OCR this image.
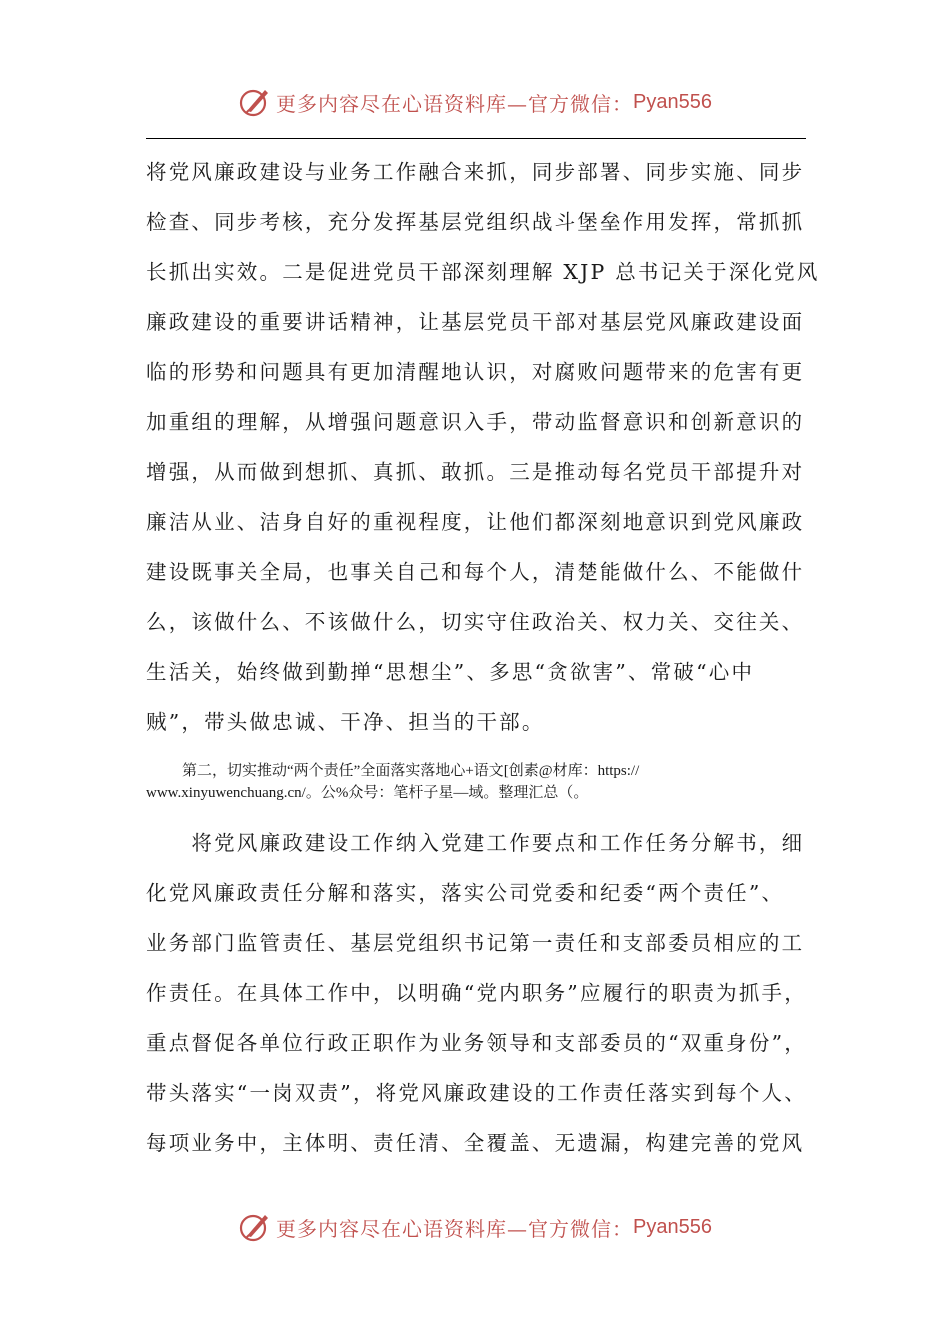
更多内容尽在心语资料库—官方微信： Pyan556
将党风廉政建设与业务工作融合来抓，同步部署、同步实施、同步
检查、同步考核，充分发挥基层党组织战斗堡垒作用发挥，常抓抓
长抓出实效。二是促进党员干部深刻理解 XJP 总书记关于深化党风
廉政建设的重要讲话精神，让基层党员干部对基层党风廉政建设面
临的形势和问题具有更加清醒地认识，对腐败问题带来的危害有更
加重组的理解，从增强问题意识入手，带动监督意识和创新意识的
增强，从而做到想抓、真抓、敢抓。三是推动每名党员干部提升对
廉洁从业、洁身自好的重视程度，让他们都深刻地意识到党风廉政
建设既事关全局，也事关自己和每个人，清楚能做什么、不能做什
么，该做什么、不该做什么，切实守住政治关、权力关、交往关、
生活关，始终做到勤掸“思想尘”、多思“贪欲害”、常破“心中
贼”，带头做忠诚、干净、担当的干部。
第二，切实推动“两个责任”全面落实落地心+语文[创素@材库：https://
www.xinyuwenchuang.cn/。公%众号：笔杆子星—域。整理汇总（。
　　将党风廉政建设工作纳入党建工作要点和工作任务分解书，细
化党风廉政责任分解和落实，落实公司党委和纪委“两个责任”、
业务部门监管责任、基层党组织书记第一责任和支部委员相应的工
作责任。在具体工作中，以明确“党内职务”应履行的职责为抓手，
重点督促各单位行政正职作为业务领导和支部委员的“双重身份”，
带头落实“一岗双责”，将党风廉政建设的工作责任落实到每个人、
每项业务中，主体明、责任清、全覆盖、无遗漏，构建完善的党风
更多内容尽在心语资料库—官方微信： Pyan556
